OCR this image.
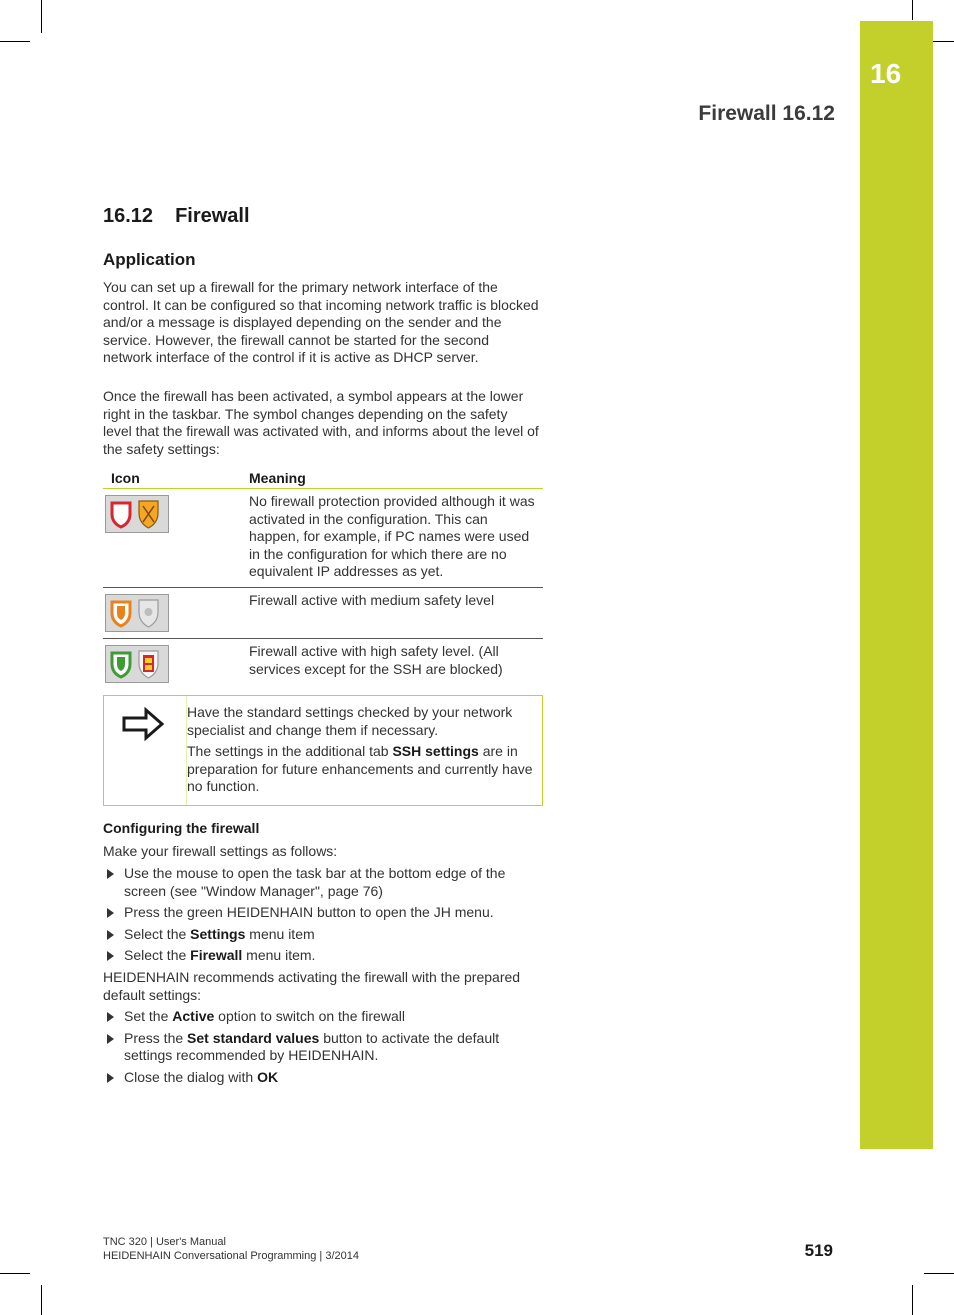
16
Firewall 16.12
16.12 Firewall
Application

You can set up a firewall for the primary network interface of the control. It can be configured so that incoming network traffic is blocked and/or a message is displayed depending on the sender and the service. However, the firewall cannot be started for the second network interface of the control if it is active as DHCP server.

Once the firewall has been activated, a symbol appears at the lower right in the taskbar. The symbol changes depending on the safety level that the firewall was activated with, and informs about the level of the safety settings:

Icon	Meaning

	No firewall protection provided although it was activated in the configuration. This can happen, for example, if PC names were used in the configuration for which there are no equivalent IP addresses as yet.

	Firewall active with medium safety level

	Firewall active with high safety level. (All services except for the SSH are blocked)

Have the standard settings checked by your network specialist and change them if necessary.

The settings in the additional tab SSH settings are in preparation for future enhancements and currently have no function.

Configuring the firewall

Make your firewall settings as follows:

Use the mouse to open the task bar at the bottom edge of the screen (see "Window Manager", page 76)
Press the green HEIDENHAIN button to open the JH menu.
Select the Settings menu item
Select the Firewall menu item.

HEIDENHAIN recommends activating the firewall with the prepared default settings:

Set the Active option to switch on the firewall
Press the Set standard values button to activate the default settings recommended by HEIDENHAIN.
Close the dialog with OK
TNC 320 | User's Manual
HEIDENHAIN Conversational Programming | 3/2014	519
